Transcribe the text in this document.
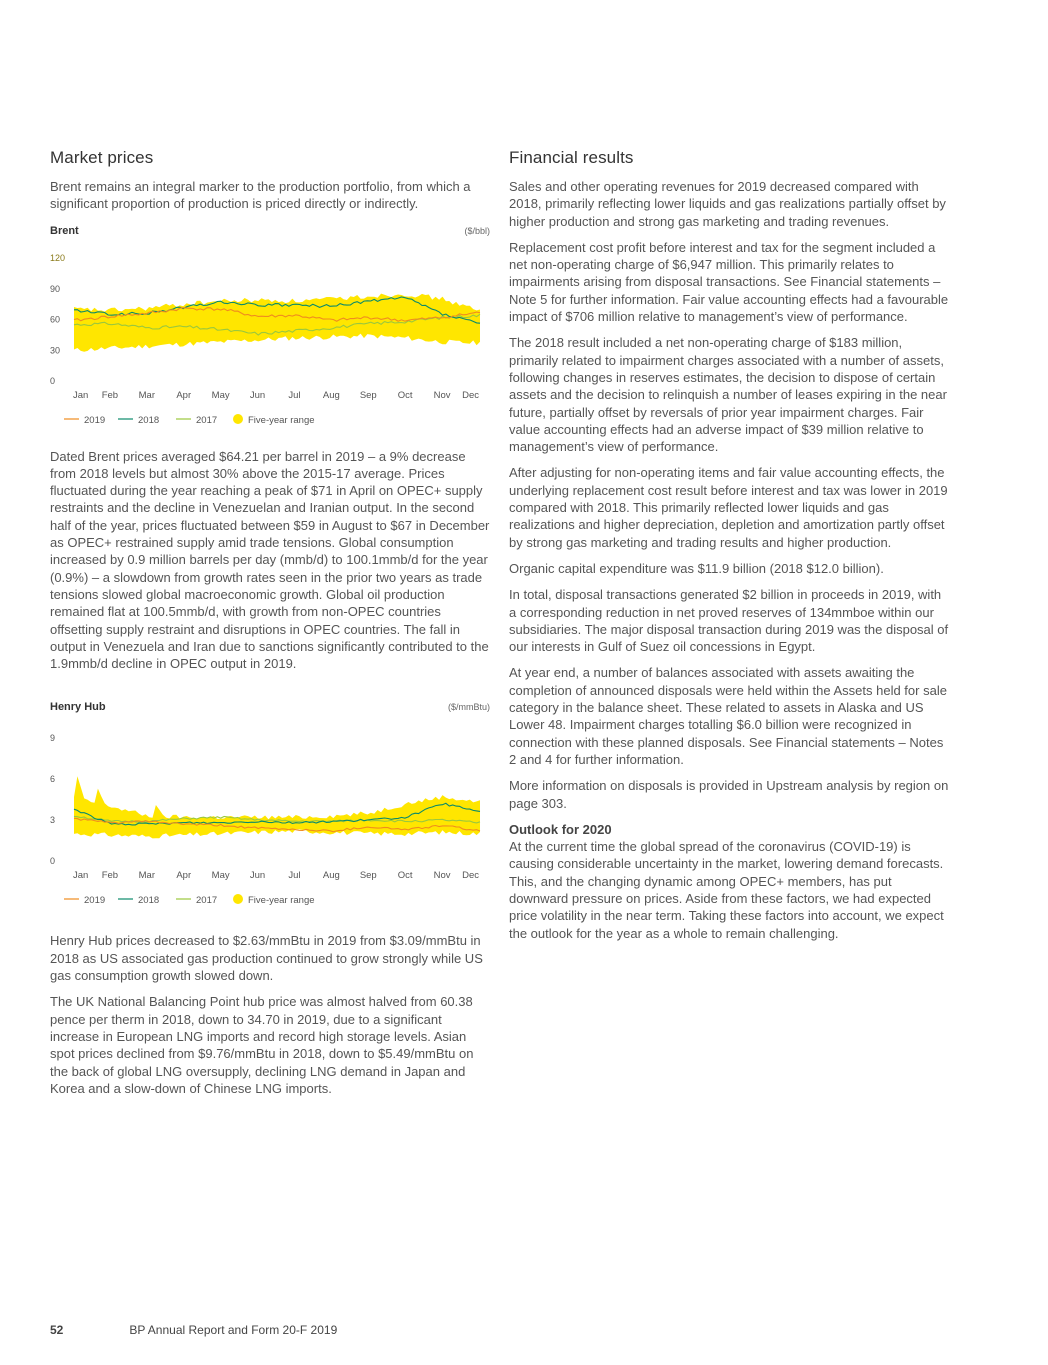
Market prices

Brent remains an integral marker to the production portfolio, from which a significant proportion of production is priced directly or indirectly.

Brent	($/bbl)
120
90
60
30
0
Jan Feb Mar Apr May Jun Jul Aug Sep Oct Nov Dec
2019	2018	2017	Five-year range

Dated Brent prices averaged $64.21 per barrel in 2019 – a 9% decrease from 2018 levels but almost 30% above the 2015-17 average. Prices fluctuated during the year reaching a peak of $71 in April on OPEC+ supply restraints and the decline in Venezuelan and Iranian output. In the second half of the year, prices fluctuated between $59 in August to $67 in December as OPEC+ restrained supply amid trade tensions. Global consumption increased by 0.9 million barrels per day (mmb/d) to 100.1mmb/d for the year (0.9%) – a slowdown from growth rates seen in the prior two years as trade tensions slowed global macroeconomic growth. Global oil production remained flat at 100.5mmb/d, with growth from non-OPEC countries offsetting supply restraint and disruptions in OPEC countries. The fall in output in Venezuela and Iran due to sanctions significantly contributed to the 1.9mmb/d decline in OPEC output in 2019.

Henry Hub	($/mmBtu)
9
6
3
0
Jan Feb Mar Apr May Jun Jul Aug Sep Oct Nov Dec
2019	2018	2017	Five-year range

Henry Hub prices decreased to $2.63/mmBtu in 2019 from $3.09/mmBtu in 2018 as US associated gas production continued to grow strongly while US gas consumption growth slowed down.

The UK National Balancing Point hub price was almost halved from 60.38 pence per therm in 2018, down to 34.70 in 2019, due to a significant increase in European LNG imports and record high storage levels. Asian spot prices declined from $9.76/mmBtu in 2018, down to $5.49/mmBtu on the back of global LNG oversupply, declining LNG demand in Japan and Korea and a slow-down of Chinese LNG imports.

Financial results

Sales and other operating revenues for 2019 decreased compared with 2018, primarily reflecting lower liquids and gas realizations partially offset by higher production and strong gas marketing and trading revenues.

Replacement cost profit before interest and tax for the segment included a net non-operating charge of $6,947 million. This primarily relates to impairments arising from disposal transactions. See Financial statements – Note 5 for further information. Fair value accounting effects had a favourable impact of $706 million relative to management’s view of performance.

The 2018 result included a net non-operating charge of $183 million, primarily related to impairment charges associated with a number of assets, following changes in reserves estimates, the decision to dispose of certain assets and the decision to relinquish a number of leases expiring in the near future, partially offset by reversals of prior year impairment charges. Fair value accounting effects had an adverse impact of $39 million relative to management’s view of performance.

After adjusting for non-operating items and fair value accounting effects, the underlying replacement cost result before interest and tax was lower in 2019 compared with 2018. This primarily reflected lower liquids and gas realizations and higher depreciation, depletion and amortization partly offset by strong gas marketing and trading results and higher production.

Organic capital expenditure was $11.9 billion (2018 $12.0 billion).

In total, disposal transactions generated $2 billion in proceeds in 2019, with a corresponding reduction in net proved reserves of 134mmboe within our subsidiaries. The major disposal transaction during 2019 was the disposal of our interests in Gulf of Suez oil concessions in Egypt.

At year end, a number of balances associated with assets awaiting the completion of announced disposals were held within the Assets held for sale category in the balance sheet. These related to assets in Alaska and US Lower 48. Impairment charges totalling $6.0 billion were recognized in connection with these planned disposals. See Financial statements – Notes 2 and 4 for further information.

More information on disposals is provided in Upstream analysis by region on page 303.

Outlook for 2020

At the current time the global spread of the coronavirus (COVID-19) is causing considerable uncertainty in the market, lowering demand forecasts. This, and the changing dynamic among OPEC+ members, has put downward pressure on prices. Aside from these factors, we had expected price volatility in the near term. Taking these factors into account, we expect the outlook for the year as a whole to remain challenging.

52	BP Annual Report and Form 20-F 2019
